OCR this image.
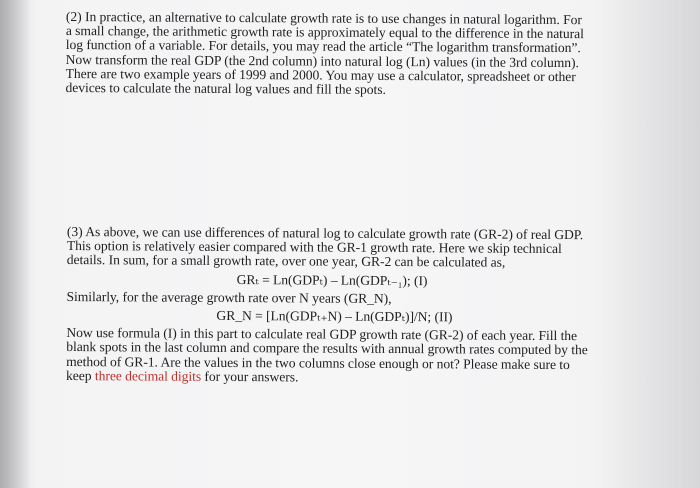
(2) In practice, an alternative to calculate growth rate is to use changes in natural logarithm. For
a small change, the arithmetic growth rate is approximately equal to the difference in the natural
log function of a variable. For details, you may read the article “The logarithm transformation”.
Now transform the real GDP (the 2nd column) into natural log (Ln) values (in the 3rd column).
There are two example years of 1999 and 2000. You may use a calculator, spreadsheet or other
devices to calculate the natural log values and fill the spots.
(3) As above, we can use differences of natural log to calculate growth rate (GR-2) of real GDP.
This option is relatively easier compared with the GR-1 growth rate. Here we skip technical
details. In sum, for a small growth rate, over one year, GR-2 can be calculated as,
GRₜ = Ln(GDPₜ) – Ln(GDPₜ₋₁); (I)
Similarly, for the average growth rate over N years (GR_N),
GR_N = [Ln(GDPₜ₊N) – Ln(GDPₜ)]/N; (II)
Now use formula (I) in this part to calculate real GDP growth rate (GR-2) of each year. Fill the
blank spots in the last column and compare the results with annual growth rates computed by the
method of GR-1. Are the values in the two columns close enough or not? Please make sure to
keep three decimal digits for your answers.
